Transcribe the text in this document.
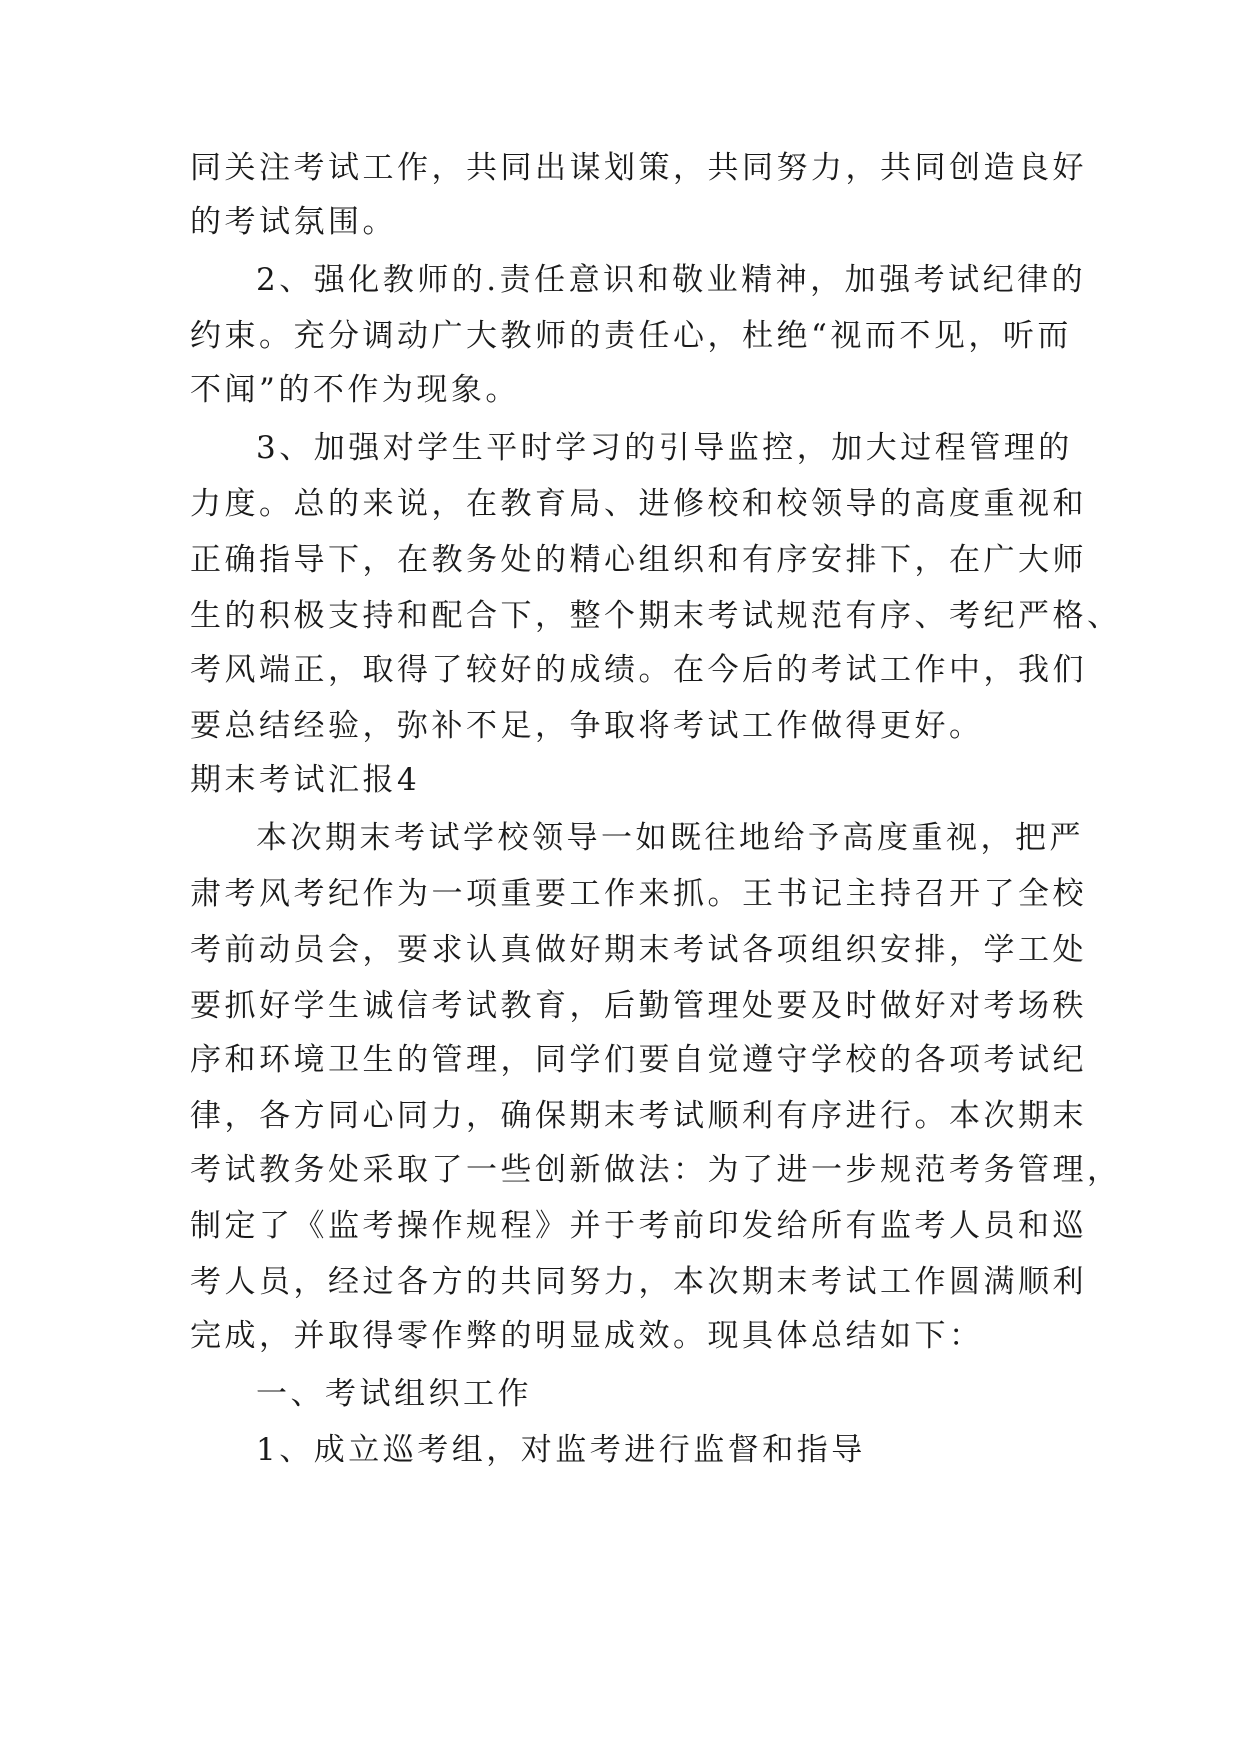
同关注考试工作，共同出谋划策，共同努力，共同创造良好
的考试氛围。
2、强化教师的.责任意识和敬业精神，加强考试纪律的
约束。充分调动广大教师的责任心，杜绝“视而不见，听而
不闻”的不作为现象。
3、加强对学生平时学习的引导监控，加大过程管理的
力度。总的来说，在教育局、进修校和校领导的高度重视和
正确指导下，在教务处的精心组织和有序安排下，在广大师
生的积极支持和配合下，整个期末考试规范有序、考纪严格、
考风端正，取得了较好的成绩。在今后的考试工作中，我们
要总结经验，弥补不足，争取将考试工作做得更好。
期末考试汇报4
本次期末考试学校领导一如既往地给予高度重视，把严
肃考风考纪作为一项重要工作来抓。王书记主持召开了全校
考前动员会，要求认真做好期末考试各项组织安排，学工处
要抓好学生诚信考试教育，后勤管理处要及时做好对考场秩
序和环境卫生的管理，同学们要自觉遵守学校的各项考试纪
律，各方同心同力，确保期末考试顺利有序进行。本次期末
考试教务处采取了一些创新做法：为了进一步规范考务管理，
制定了《监考操作规程》并于考前印发给所有监考人员和巡
考人员，经过各方的共同努力，本次期末考试工作圆满顺利
完成，并取得零作弊的明显成效。现具体总结如下：
一、考试组织工作
1、成立巡考组，对监考进行监督和指导
